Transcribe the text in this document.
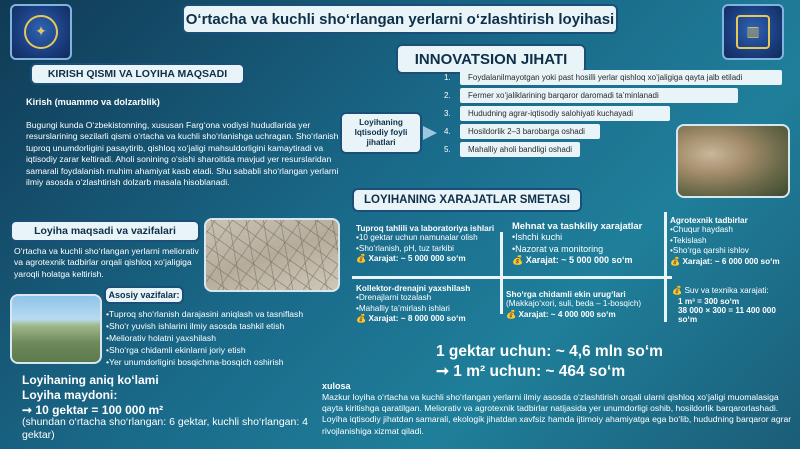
O‘rtacha va kuchli sho‘rlangan yerlarni o‘zlashtirish loyihasi
✦	▥
KIRISH QISMI VA LOYIHA MAQSADI
Kirish (muammo va dolzarblik)
Bugungi kunda O‘zbekistonning, xususan Farg‘ona vodiysi hududlarida yer resurslarining sezilarli qismi o‘rtacha va kuchli sho‘rlanishga uchragan. Sho‘rlanish tuproq unumdorligini pasaytirib, qishloq xo‘jaligi mahsuldorligini kamaytiradi va iqtisodiy zarar keltiradi. Aholi sonining o‘sishi sharoitida mavjud yer resurslaridan samarali foydalanish muhim ahamiyat kasb etadi. Shu sababli sho‘rlangan yerlarni ilmiy asosda o‘zlashtirish dolzarb masala hisoblanadi.
Loyiha maqsadi va vazifalari
O‘rtacha va kuchli sho‘rlangan yerlarni meliorativ va agrotexnik tadbirlar orqali qishloq xo‘jaligiga yaroqli holatga keltirish.
Asosiy vazifalar:
•Tuproq sho‘rlanish darajasini aniqlash va tasniflash
•Sho‘r yuvish ishlarini ilmiy asosda tashkil etish
•Meliorativ holatni yaxshilash
•Sho‘rga chidamli ekinlarni joriy etish
•Yer unumdorligini bosqichma-bosqich oshirish
Loyihaning aniq ko‘lami
Loyiha maydoni:
➞ 10 gektar = 100 000 m²
(shundan o‘rtacha sho‘rlangan: 6 gektar, kuchli sho‘rlangan: 4 gektar)
INNOVATSION JIHATI
Loyihaning Iqtisodiy foyli jihatlari
1.	Foydalanilmayotgan yoki past hosilli yerlar qishloq xo‘jaligiga qayta jalb etiladi
2.	Fermer xo‘jaliklarining barqaror daromadi ta’minlanadi
3.	Hududning agrar-iqtisodiy salohiyati kuchayadi
4.	Hosildorlik 2–3 barobarga oshadi
5.	Mahalliy aholi bandligi oshadi
LOYIHANING XARAJATLAR SMETASI
Tuproq tahlili va laboratoriya ishlari
•10 gektar uchun namunalar olish
•Sho‘rlanish, pH, tuz tarkibi
💰 Xarajat: ~ 5 000 000 so‘m
Mehnat va tashkiliy xarajatlar
•Ishchi kuchi
•Nazorat va monitoring
💰 Xarajat: ~ 5 000 000 so‘m
Agrotexnik tadbirlar
•Chuqur haydash
•Tekislash
•Sho‘rga qarshi ishlov
💰 Xarajat: ~ 6 000 000 so‘m
Kollektor-drenajni yaxshilash
•Drenajlarni tozalash
•Mahalliy ta’mirlash ishlari
💰 Xarajat: ~ 8 000 000 so‘m
Sho‘rga chidamli ekin urug‘lari
(Makkajo‘xori, suli, beda – 1-bosqich)
💰 Xarajat: ~ 4 000 000 so‘m
💰 Suv va texnika xarajati:
1 m³ = 300 so‘m
38 000 × 300 = 11 400 000 so‘m
1 gektar uchun: ~ 4,6 mln so‘m
➞ 1 m² uchun: ~ 464 so‘m
xulosa
Mazkur loyiha o‘rtacha va kuchli sho‘rlangan yerlarni ilmiy asosda o‘zlashtirish orqali ularni qishloq xo‘jaligi muomalasiga qayta kiritishga qaratilgan. Meliorativ va agrotexnik tadbirlar natijasida yer unumdorligi oshib, hosildorlik barqarorlashadi. Loyiha iqtisodiy jihatdan samarali, ekologik jihatdan xavfsiz hamda ijtimoiy ahamiyatga ega bo‘lib, hududning barqaror agrar rivojlanishiga xizmat qiladi.
